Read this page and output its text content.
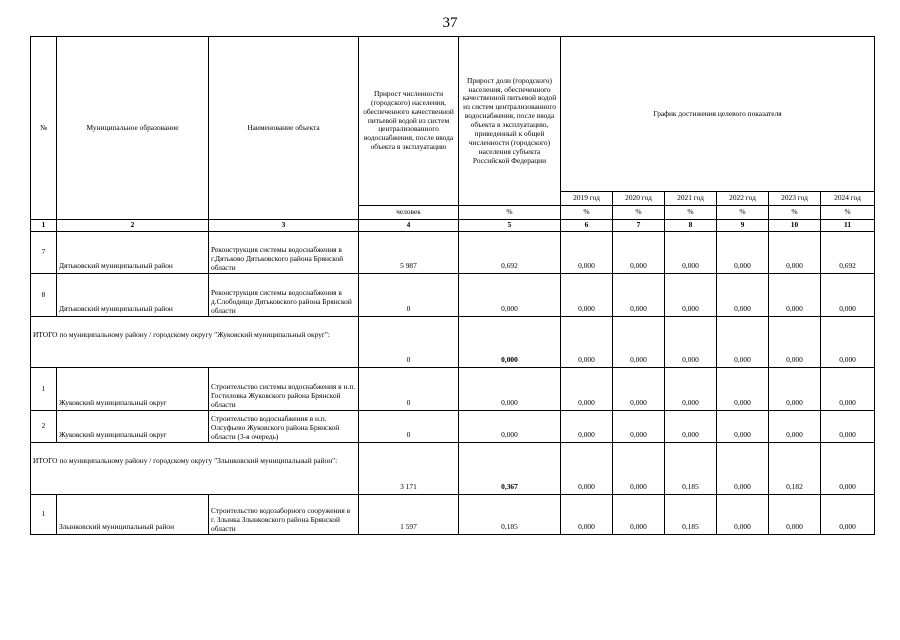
37
№	Муниципальное образование	Наименование объекта	Прирост численности (городского) населения, обеспеченного качественной питьевой водой из систем централизованного водоснабжения, после ввода объекта в эксплуатацию	Прирост доли (городского) населения, обеспеченного качественной питьевой водой из систем централизованного водоснабжения, после ввода объекта в эксплуатацию, приведенный к общей численности (городского) населения субъекта Российской Федерации	График достижения целевого показателя					
					2019 год	2020 год	2021 год	2022 год	2023 год	2024 год
			человек	%	%	%	%	%	%	%
1	2	3	4	5	6	7	8	9	10	11
7	Дятьковский муниципальный район	Реконструкция системы водоснабжения в г.Дятьково Дятьковского района Брянской области	5 987	0,692	0,000	0,000	0,000	0,000	0,000	0,692
8	Дятьковский муниципальный район	Реконструкция системы водоснабжения в д.Слободище Дятьковского района Брянской области	0	0,000	0,000	0,000	0,000	0,000	0,000	0,000
ИТОГО по муниципальному району / городскому округу "Жуковский муниципальный округ":			0	0,000	0,000	0,000	0,000	0,000	0,000	0,000
1	Жуковский муниципальный округ	Строительство системы водоснабжения в н.п. Гостиловка Жуковского района Брянской области	0	0,000	0,000	0,000	0,000	0,000	0,000	0,000
2	Жуковский муниципальный округ	Строительство водоснабжения в н.п. Олсуфьево Жуковского района Брянской области (3-я очередь)	0	0,000	0,000	0,000	0,000	0,000	0,000	0,000
ИТОГО по муниципальному району / городскому округу "Злынковский муниципальный район":			3 171	0,367	0,000	0,000	0,185	0,000	0,182	0,000
1	Злынковский муниципальный район	Строительство водозаборного сооружения в г. Злынка Злынковского района Брянской области	1 597	0,185	0,000	0,000	0,185	0,000	0,000	0,000
